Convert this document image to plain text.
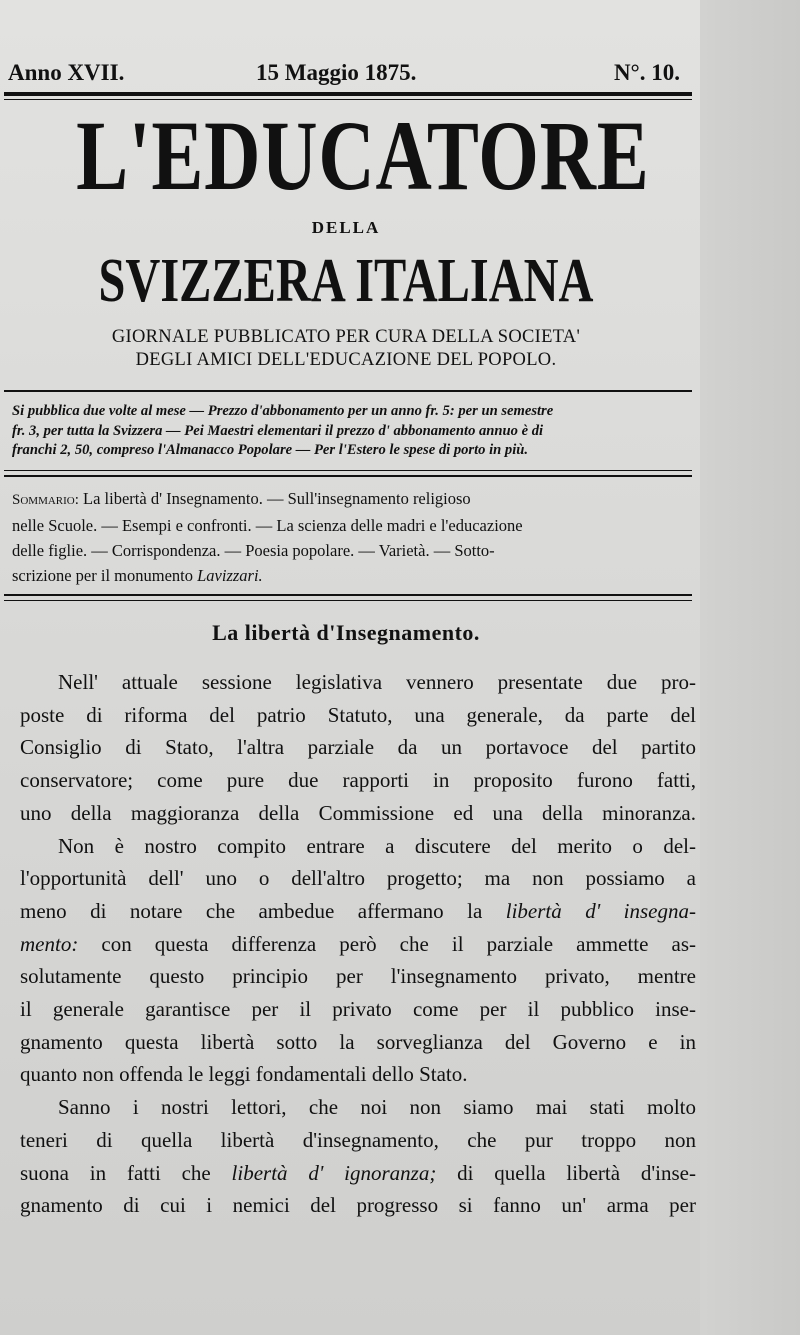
Anno XVII.	15 Maggio 1875.	N°. 10.
L'EDUCATORE
DELLA
SVIZZERA ITALIANA
GIORNALE PUBBLICATO PER CURA DELLA SOCIETA'
DEGLI AMICI DELL'EDUCAZIONE DEL POPOLO.
Si pubblica due volte al mese — Prezzo d'abbonamento per un anno fr. 5: per un semestre
fr. 3, per tutta la Svizzera — Pei Maestri elementari il prezzo d' abbonamento annuo è di
franchi 2, 50, compreso l'Almanacco Popolare — Per l'Estero le spese di porto in più.
Sommario: La libertà d' Insegnamento. — Sull'insegnamento religioso
nelle Scuole. — Esempi e confronti. — La scienza delle madri e l'educazione
delle figlie. — Corrispondenza. — Poesia popolare. — Varietà. — Sotto-
scrizione per il monumento Lavizzari.
La libertà d'Insegnamento.
Nell' attuale sessione legislativa vennero presentate due pro-
poste di riforma del patrio Statuto, una generale, da parte del
Consiglio di Stato, l'altra parziale da un portavoce del partito
conservatore; come pure due rapporti in proposito furono fatti,
uno della maggioranza della Commissione ed una della minoranza.
Non è nostro compito entrare a discutere del merito o del-
l'opportunità dell' uno o dell'altro progetto; ma non possiamo a
meno di notare che ambedue affermano la libertà d' insegna-
mento: con questa differenza però che il parziale ammette as-
solutamente questo principio per l'insegnamento privato, mentre
il generale garantisce per il privato come per il pubblico inse-
gnamento questa libertà sotto la sorveglianza del Governo e in
quanto non offenda le leggi fondamentali dello Stato.
Sanno i nostri lettori, che noi non siamo mai stati molto
teneri di quella libertà d'insegnamento, che pur troppo non
suona in fatti che libertà d' ignoranza; di quella libertà d'inse-
gnamento di cui i nemici del progresso si fanno un' arma per
